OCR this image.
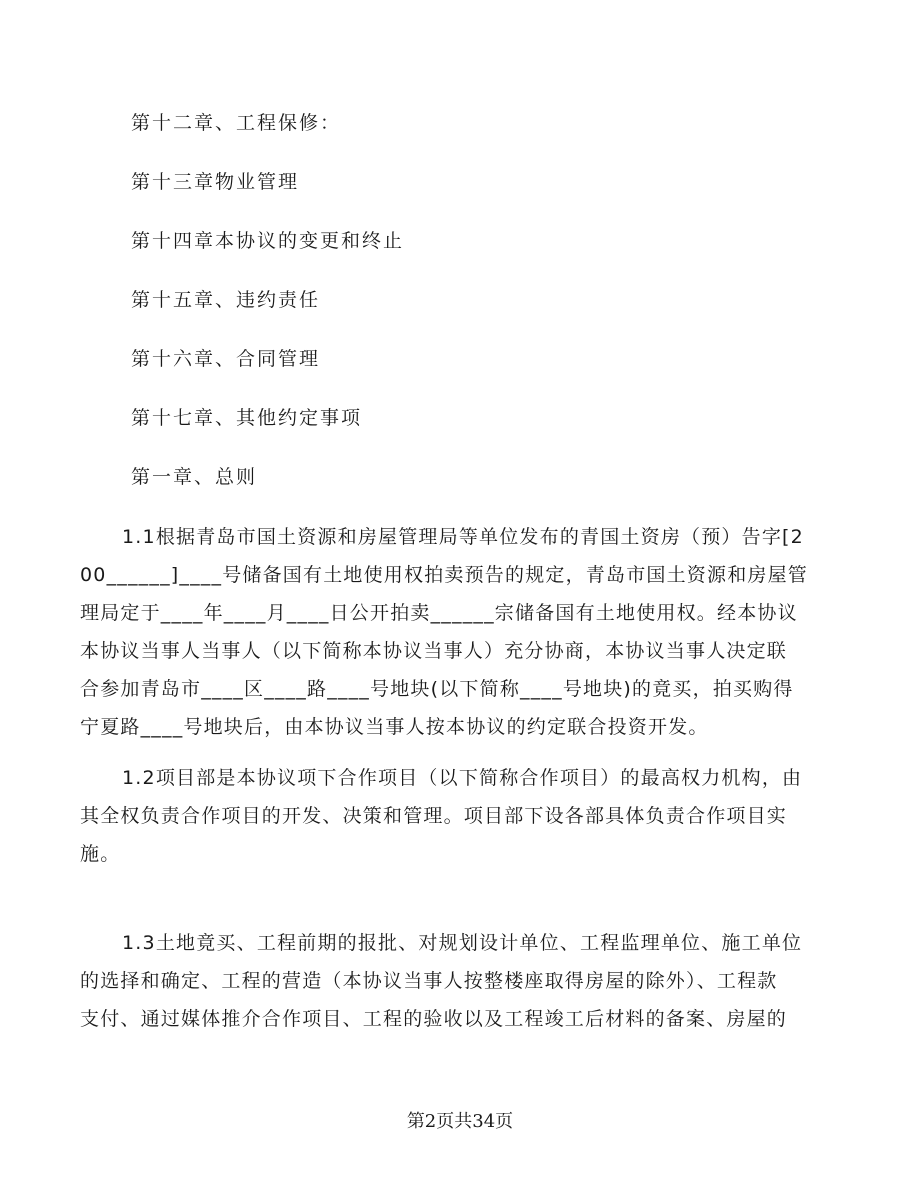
第十二章、工程保修：
第十三章物业管理
第十四章本协议的变更和终止
第十五章、违约责任
第十六章、合同管理
第十七章、其他约定事项
第一章、总则
1.1根据青岛市国土资源和房屋管理局等单位发布的青国土资房（预）告字[2
00______]____号储备国有土地使用权拍卖预告的规定，青岛市国土资源和房屋管
理局定于____年____月____日公开拍卖______宗储备国有土地使用权。经本协议
本协议当事人当事人（以下简称本协议当事人）充分协商，本协议当事人决定联
合参加青岛市____区____路____号地块(以下简称____号地块)的竟买，拍买购得
宁夏路____号地块后，由本协议当事人按本协议的约定联合投资开发。
1.2项目部是本协议项下合作项目（以下简称合作项目）的最高权力机构，由
其全权负责合作项目的开发、决策和管理。项目部下设各部具体负责合作项目实
施。
1.3土地竟买、工程前期的报批、对规划设计单位、工程监理单位、施工单位
的选择和确定、工程的营造（本协议当事人按整楼座取得房屋的除外）、工程款
支付、通过媒体推介合作项目、工程的验收以及工程竣工后材料的备案、房屋的
第2页共34页
